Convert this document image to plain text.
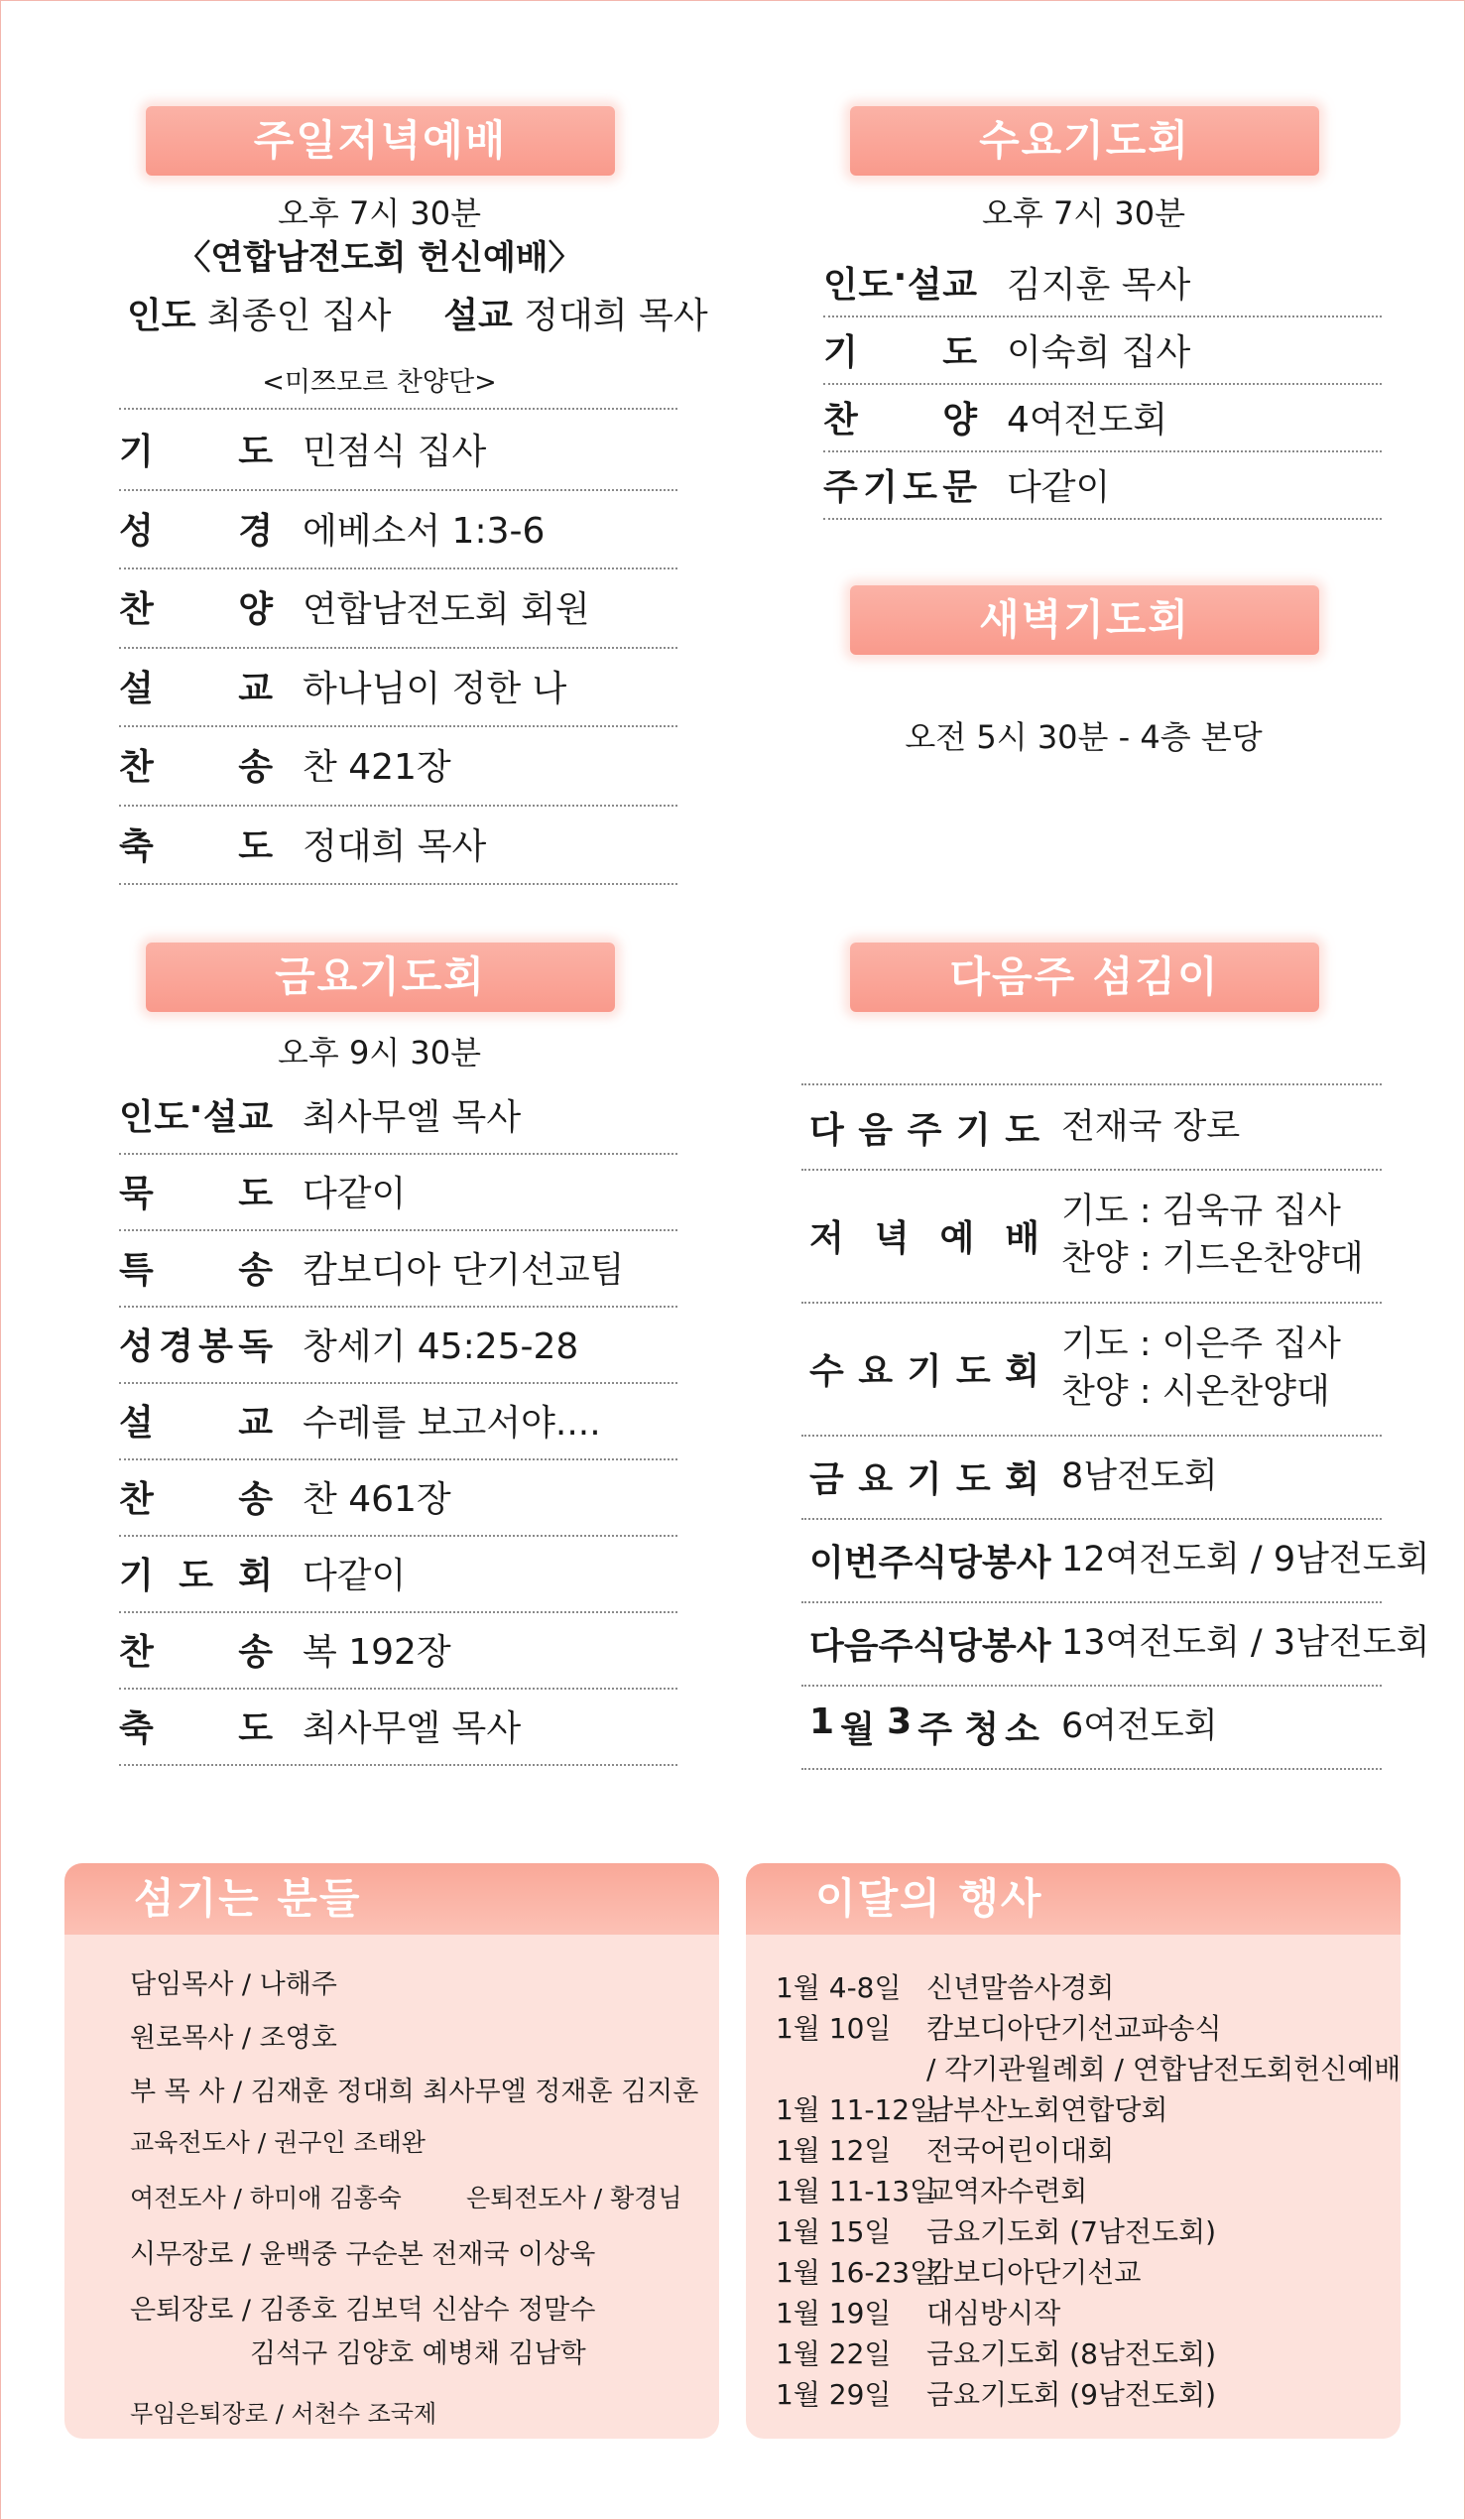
주일저녁예배
오후 7시 30분
〈연합남전도회 헌신예배〉
인도 최종인 집사 설교 정대희 목사
<미쯔모르 찬양단>
기 도 민점식 집사
성 경 에베소서 1:3-6
찬 양 연합남전도회 회원
설 교 하나님이 정한 나
찬 송 찬 421장
축 도 정대희 목사
수요기도회
오후 7시 30분
인 도 · 설 교 김지훈 목사
기 도 이숙희 집사
찬 양 4여전도회
주 기 도 문 다같이
새벽기도회
오전 5시 30분 - 4층 본당
금요기도회
오후 9시 30분
인 도 · 설 교 최사무엘 목사
묵 도 다같이
특 송 캄보디아 단기선교팀
성 경 봉 독 창세기 45:25-28
설 교 수레를 보고서야....
찬 송 찬 461장
기 도 회 다같이
찬 송 복 192장
축 도 최사무엘 목사
다음주 섬김이
다 음 주 기 도 전재국 장로
저 녁 예 배
기도 : 김욱규 집사
찬양 : 기드온찬양대
수 요 기 도 회
기도 : 이은주 집사
찬양 : 시온찬양대
금 요 기 도 회 8남전도회
이 번 주 식 당 봉 사 12여전도회 / 9남전도회
다 음 주 식 당 봉 사 13여전도회 / 3남전도회
1 월 3 주 청 소 6여전도회
섬기는 분들
담임목사 / 나해주
원로목사 / 조영호
부 목 사 / 김재훈 정대희 최사무엘 정재훈 김지훈
교육전도사 / 권구인 조태완
여전도사 / 하미애 김홍숙	은퇴전도사 / 황경님
시무장로 / 윤백중 구순본 전재국 이상욱
은퇴장로 / 김종호 김보덕 신삼수 정말수
김석구 김양호 예병채 김남학
무임은퇴장로 / 서천수 조국제
이달의 행사
1월 4-8일 신년말씀사경회
1월 10일 캄보디아단기선교파송식
/ 각기관월례회 / 연합남전도회헌신예배
1월 11-12일남부산노회연합당회
1월 12일 전국어린이대회
1월 11-13일교역자수련회
1월 15일 금요기도회 (7남전도회)
1월 16-23일캄보디아단기선교
1월 19일 대심방시작
1월 22일 금요기도회 (8남전도회)
1월 29일 금요기도회 (9남전도회)
